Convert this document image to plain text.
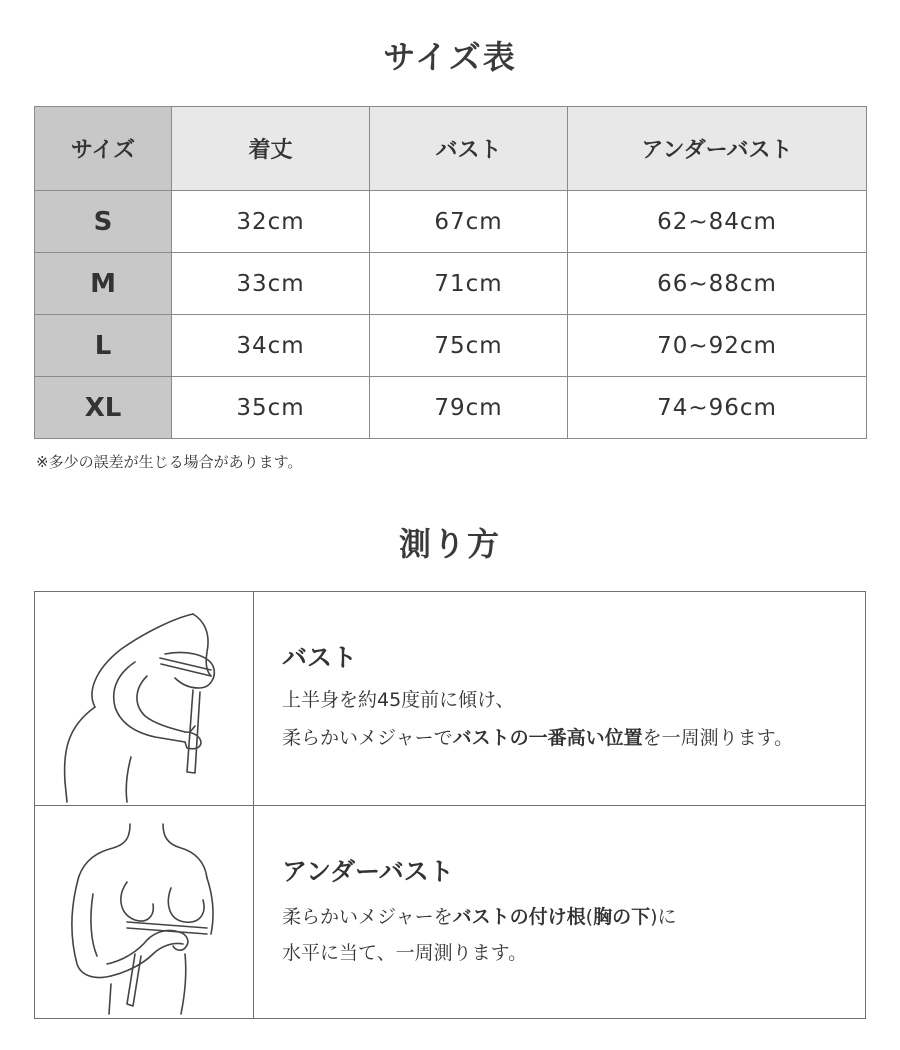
サイズ表
サイズ	着丈	バスト	アンダーバスト
S	32cm	67cm	62~84cm
M	33cm	71cm	66~88cm
L	34cm	75cm	70~92cm
XL	35cm	79cm	74~96cm
※多少の誤差が生じる場合があります。
測り方
バスト
上半身を約45度前に傾け、
柔らかいメジャーでバストの一番高い位置を一周測ります。
アンダーバスト
柔らかいメジャーをバストの付け根(胸の下)に
水平に当て、一周測ります。
